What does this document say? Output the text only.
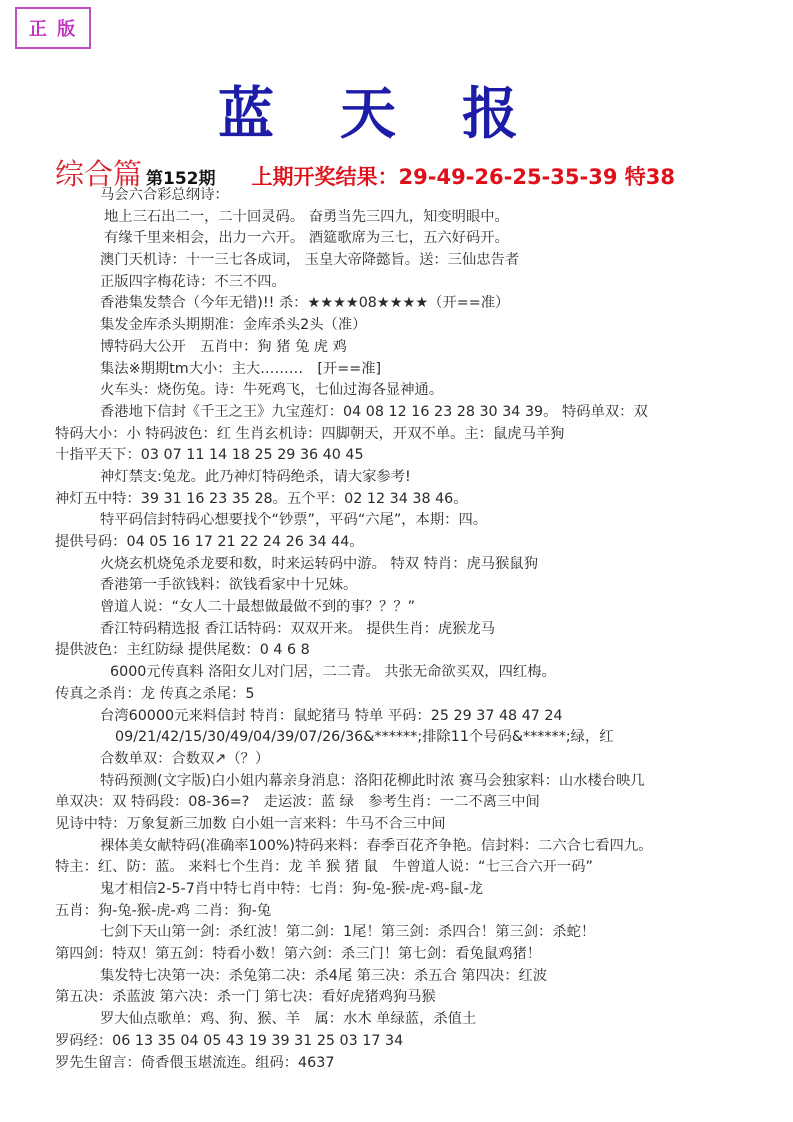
正 版
蓝 天 报
综合篇 第152期 上期开奖结果：29-49-26-25-35-39 特38
马会六合彩总纲诗：
地上三石出二一，二十回灵码。 奋勇当先三四九，知变明眼中。
有缘千里来相会，出力一六开。 酒筵歌席为三七，五六好码开。
澳门天机诗：十一三七各成词， 玉皇大帝降懿旨。送：三仙忠告者
正版四字梅花诗：不三不四。
香港集发禁合（今年无错)!! 杀：★★★★08★★★★（开==准）
集发金库杀头期期准：金库杀头2头（准）
博特码大公开　五肖中：狗 猪 兔 虎 鸡
集法※期期tm大小：主大………　[开==准]
火车头：烧伤兔。诗：牛死鸡飞，七仙过海各显神通。
香港地下信封《千王之王》九宝莲灯：04 08 12 16 23 28 30 34 39。 特码单双：双
特码大小：小 特码波色：红 生肖玄机诗：四脚朝天，开双不单。主：鼠虎马羊狗
十指平天下：03 07 11 14 18 25 29 36 40 45
神灯禁支:兔龙。此乃神灯特码绝杀，请大家参考!
神灯五中特：39 31 16 23 35 28。五个平：02 12 34 38 46。
特平码信封特码心想要找个“钞票”，平码“六尾”，本期：四。
提供号码：04 05 16 17 21 22 24 26 34 44。
火烧玄机烧兔杀龙要和数，时来运转码中游。 特双 特肖：虎马猴鼠狗
香港第一手欲钱料：欲钱看家中十兄妹。
曾道人说：“女人二十最想做最做不到的事？？？”
香江特码精选报 香江话特码：双双开来。 提供生肖：虎猴龙马
提供波色：主红防绿 提供尾数：0 4 6 8
6000元传真料 洛阳女儿对门居，二二青。 共张无命欲买双，四红梅。
传真之杀肖：龙 传真之杀尾：5
台湾60000元来料信封 特肖：鼠蛇猪马 特单 平码：25 29 37 48 47 24
09/21/42/15/30/49/04/39/07/26/36&******;排除11个号码&******;绿，红
合数单双：合数双↗（？）
特码预测(文字版)白小姐内幕亲身消息：洛阳花柳此时浓 赛马会独家料：山水楼台映几
单双决：双 特码段：08-36=?　走运波：蓝 绿　参考生肖：一二不离三中间
见诗中特：万象复新三加数 白小姐一言来料：牛马不合三中间
裸体美女献特码(准确率100%)特码来料：春季百花齐争艳。信封料：二六合七看四九。
特主：红、防：蓝。 来料七个生肖：龙 羊 猴 猪 鼠　牛曾道人说：“七三合六开一码”
鬼才相信2-5-7肖中特七肖中特：七肖：狗-兔-猴-虎-鸡-鼠-龙
五肖：狗-兔-猴-虎-鸡 二肖：狗-兔
七剑下天山第一剑：杀红波！第二剑：1尾！第三剑：杀四合！第三剑：杀蛇！
第四剑：特双！第五剑：特看小数！第六剑：杀三门！第七剑：看兔鼠鸡猪！
集发特七决第一决：杀兔第二决：杀4尾 第三决：杀五合 第四决：红波
第五决：杀蓝波 第六决：杀一门 第七决：看好虎猪鸡狗马猴
罗大仙点歌单：鸡、狗、猴、羊　属：水木 单绿蓝，杀值土
罗码经：06 13 35 04 05 43 19 39 31 25 03 17 34
罗先生留言：倚香偎玉堪流连。组码：4637
